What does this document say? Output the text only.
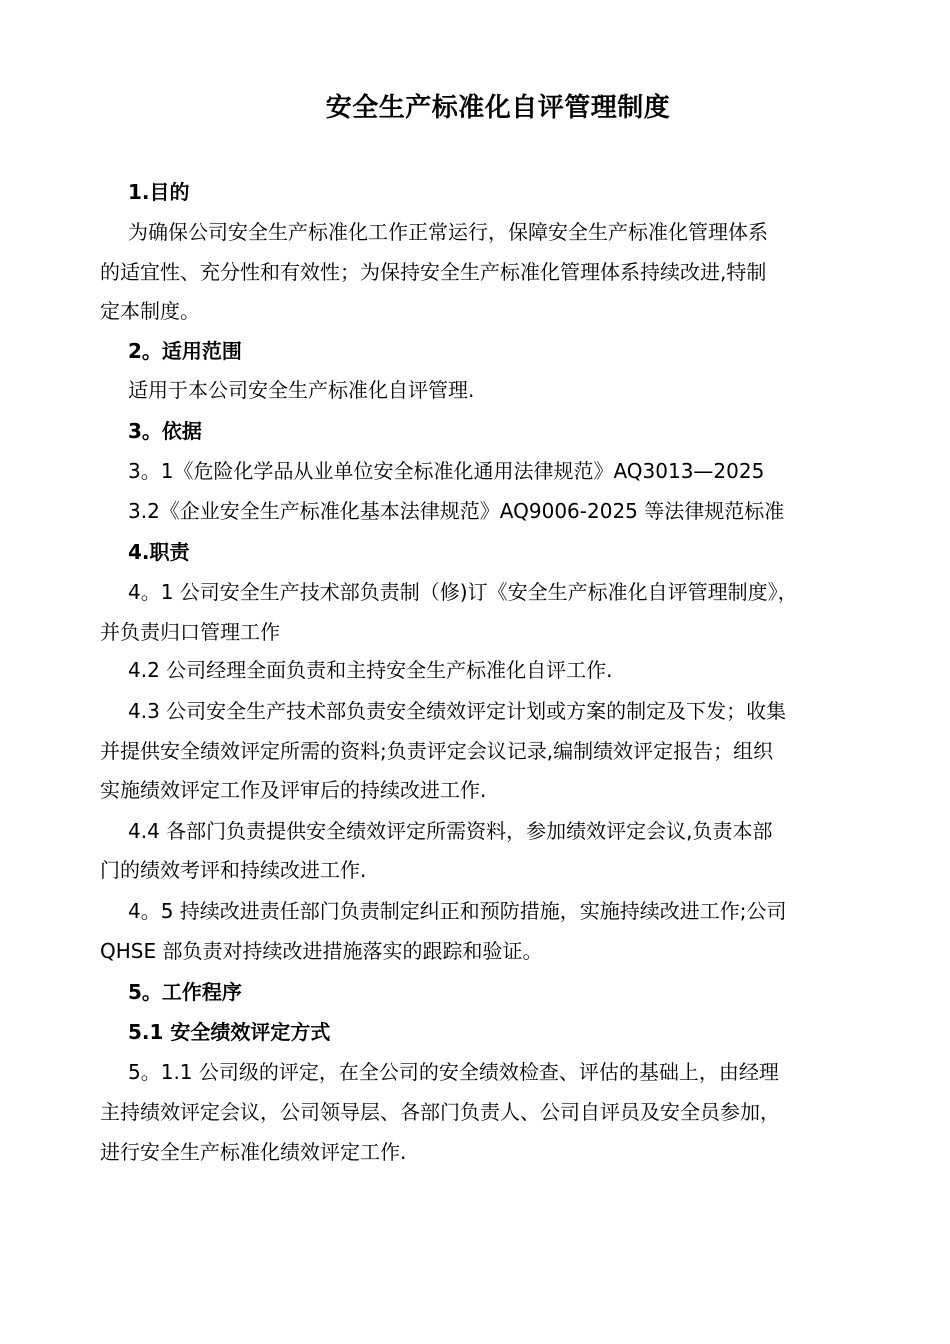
安全生产标准化自评管理制度
1.目的
为确保公司安全生产标准化工作正常运行，保障安全生产标准化管理体系
的适宜性、充分性和有效性；为保持安全生产标准化管理体系持续改进,特制
定本制度。
2。适用范围
适用于本公司安全生产标准化自评管理.
3。依据
3。1《危险化学品从业单位安全标准化通用法律规范》AQ3013—2025
3.2《企业安全生产标准化基本法律规范》AQ9006-2025 等法律规范标准
4.职责
4。1 公司安全生产技术部负责制（修)订《安全生产标准化自评管理制度》，
并负责归口管理工作
4.2 公司经理全面负责和主持安全生产标准化自评工作.
4.3 公司安全生产技术部负责安全绩效评定计划或方案的制定及下发；收集
并提供安全绩效评定所需的资料;负责评定会议记录,编制绩效评定报告；组织
实施绩效评定工作及评审后的持续改进工作.
4.4 各部门负责提供安全绩效评定所需资料，参加绩效评定会议,负责本部
门的绩效考评和持续改进工作.
4。5 持续改进责任部门负责制定纠正和预防措施，实施持续改进工作;公司
QHSE 部负责对持续改进措施落实的跟踪和验证。
5。工作程序
5.1 安全绩效评定方式
5。1.1 公司级的评定，在全公司的安全绩效检查、评估的基础上，由经理
主持绩效评定会议，公司领导层、各部门负责人、公司自评员及安全员参加，
进行安全生产标准化绩效评定工作.
